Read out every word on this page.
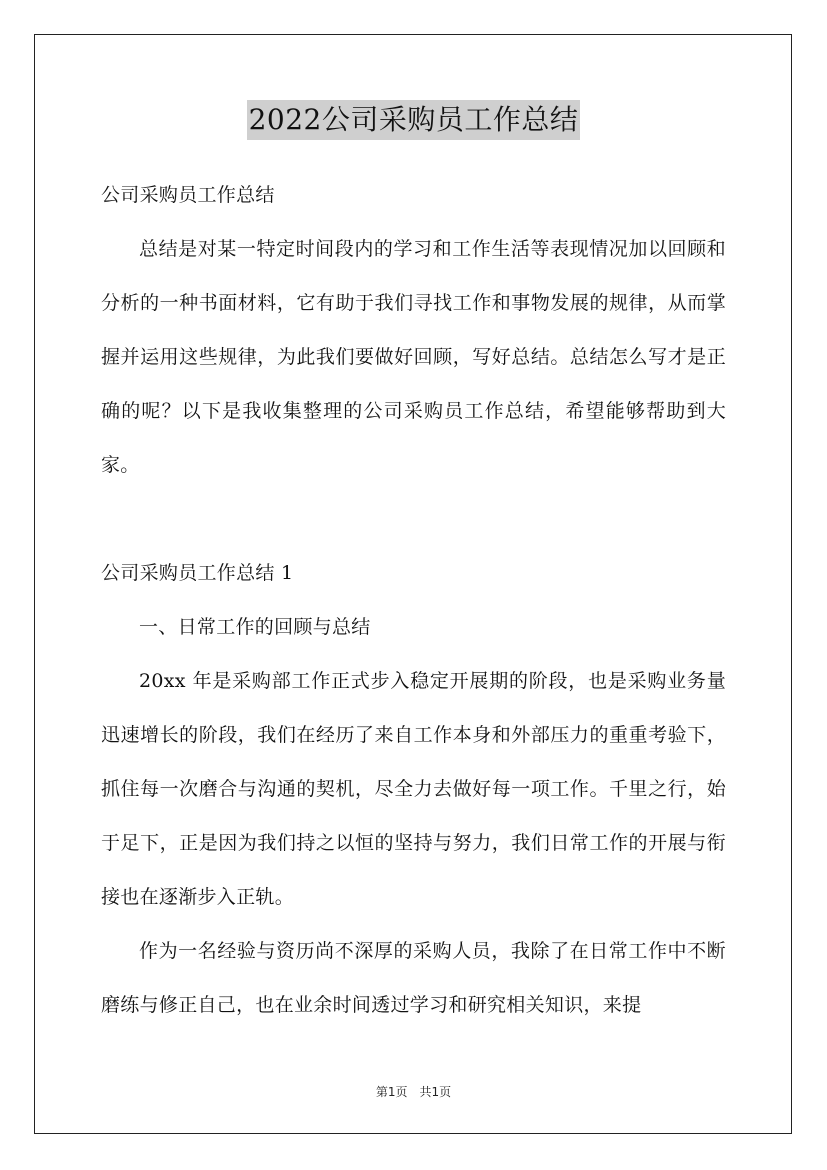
2022公司采购员工作总结

公司采购员工作总结

总结是对某一特定时间段内的学习和工作生活等表现情况加以回顾和分析的一种书面材料，它有助于我们寻找工作和事物发展的规律，从而掌握并运用这些规律，为此我们要做好回顾，写好总结。总结怎么写才是正确的呢？以下是我收集整理的公司采购员工作总结，希望能够帮助到大家。

公司采购员工作总结 1

一、日常工作的回顾与总结

20xx 年是采购部工作正式步入稳定开展期的阶段，也是采购业务量迅速增长的阶段，我们在经历了来自工作本身和外部压力的重重考验下，抓住每一次磨合与沟通的契机，尽全力去做好每一项工作。千里之行，始于足下，正是因为我们持之以恒的坚持与努力，我们日常工作的开展与衔接也在逐渐步入正轨。

作为一名经验与资历尚不深厚的采购人员，我除了在日常工作中不断磨练与修正自己，也在业余时间透过学习和研究相关知识，来提

第1页　共1页
